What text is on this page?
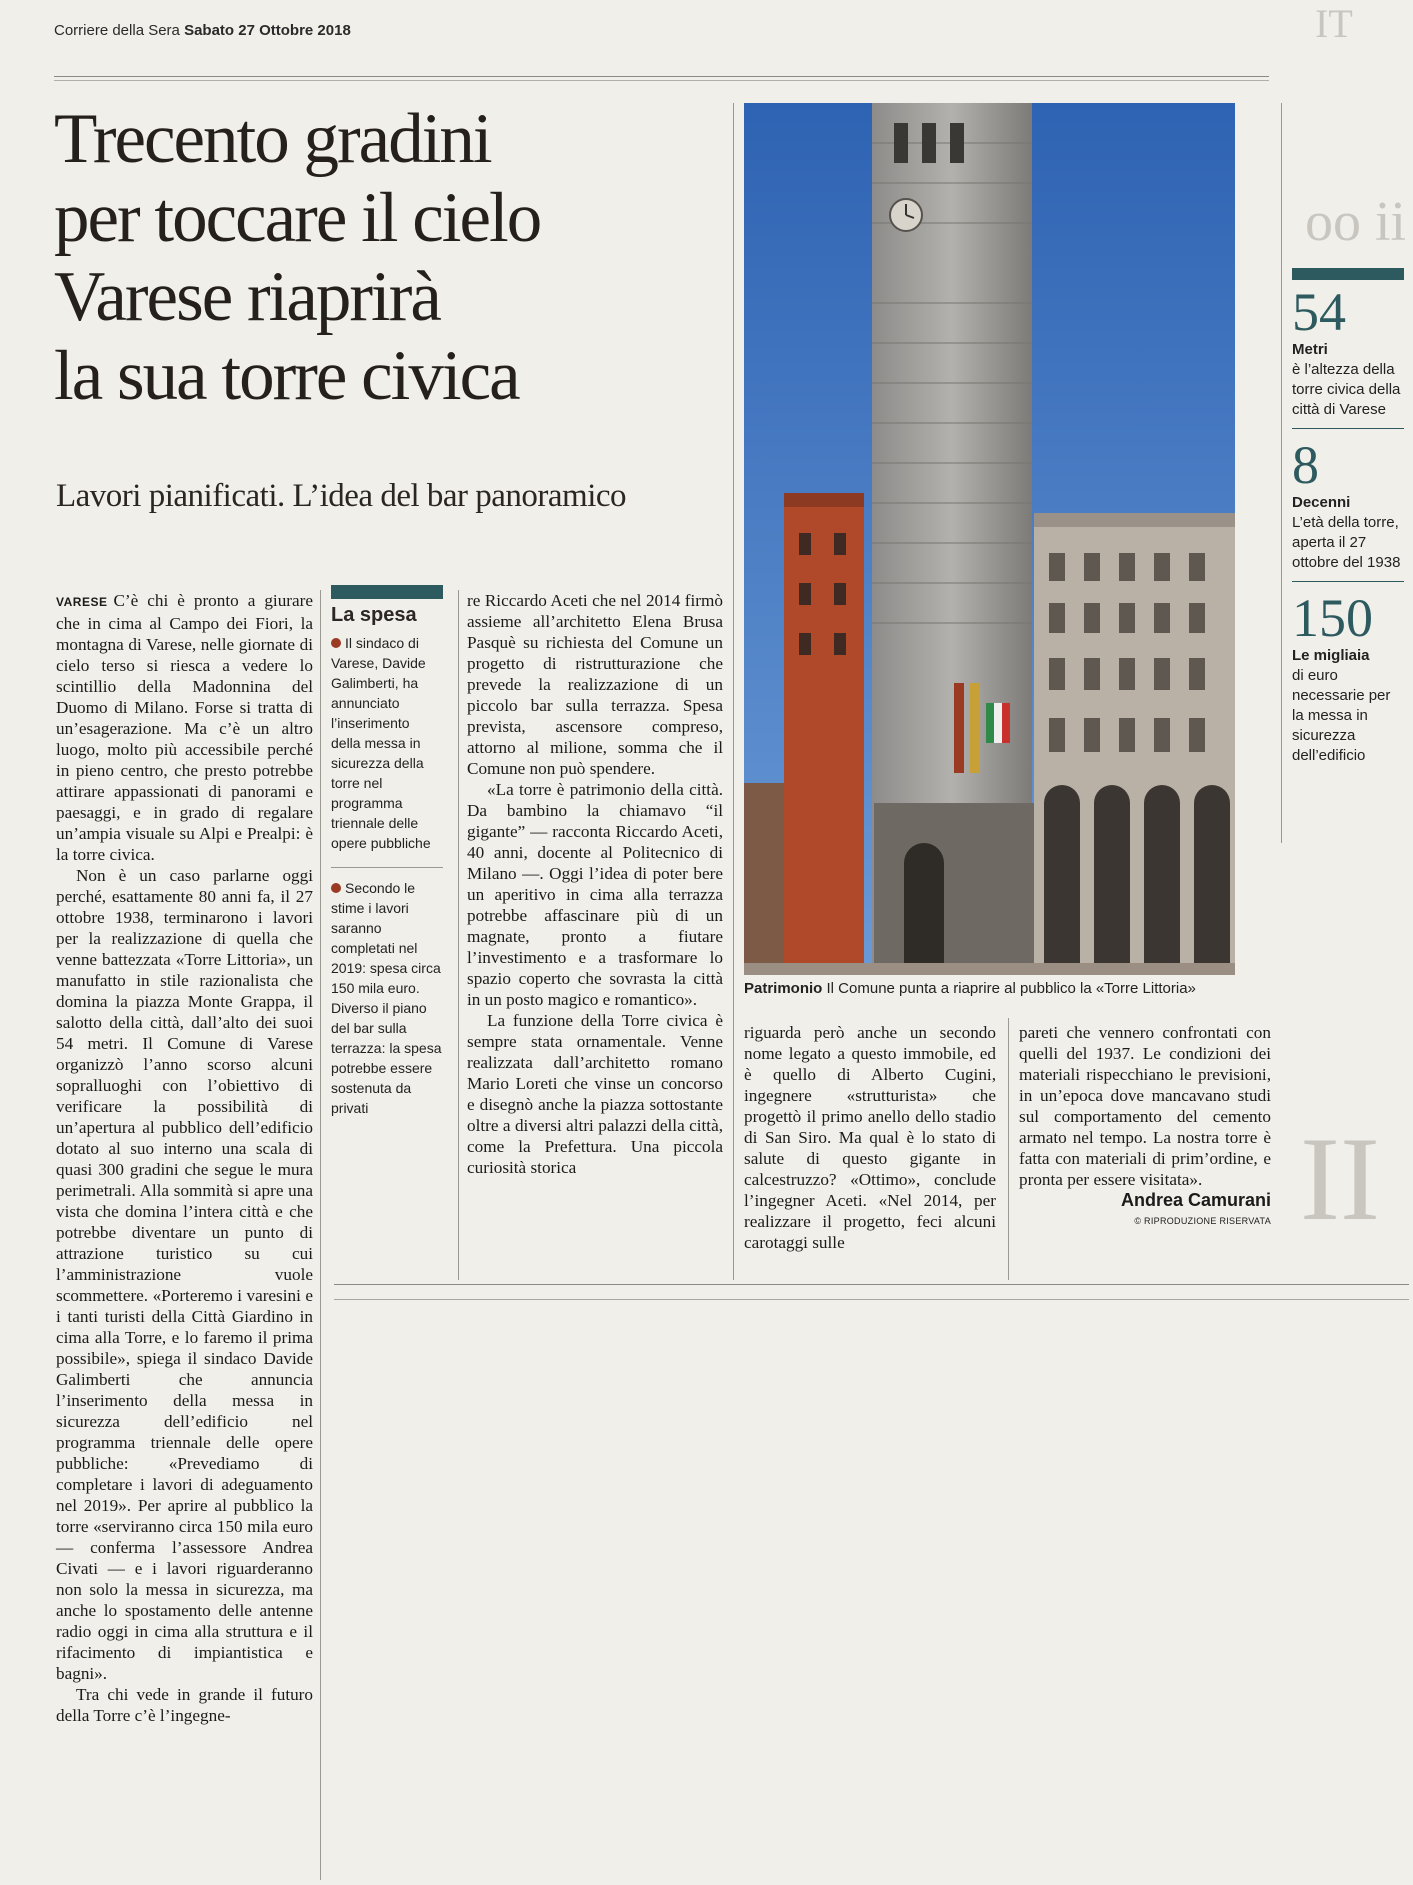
IT
oo ii
II
Corriere della Sera Sabato 27 Ottobre 2018
Trecento gradini
per toccare il cielo
Varese riaprirà
la sua torre civica
Lavori pianificati. L’idea del bar panoramico

VARESE C’è chi è pronto a giurare che in cima al Campo dei Fiori, la montagna di Varese, nelle giornate di cielo terso si riesca a vedere lo scintillio della Madonnina del Duomo di Milano. Forse si tratta di un’esagerazione. Ma c’è un altro luogo, molto più accessibile perché in pieno centro, che presto potrebbe attirare appassionati di panorami e paesaggi, e in grado di regalare un’ampia visuale su Alpi e Prealpi: è la torre civica.

Non è un caso parlarne oggi perché, esattamente 80 anni fa, il 27 ottobre 1938, terminarono i lavori per la realizzazione di quella che venne battezzata «Torre Littoria», un manufatto in stile razionalista che domina la piazza Monte Grappa, il salotto della città, dall’alto dei suoi 54 metri. Il Comune di Varese organizzò l’anno scorso alcuni sopralluoghi con l’obiettivo di verificare la possibilità di un’apertura al pubblico dell’edificio dotato al suo interno una scala di quasi 300 gradini che segue le mura perimetrali. Alla sommità si apre una vista che domina l’intera città e che potrebbe diventare un punto di attrazione turistico su cui l’amministrazione vuole scommettere. «Porteremo i varesini e i tanti turisti della Città Giardino in cima alla Torre, e lo faremo il prima possibile», spiega il sindaco Davide Galimberti che annuncia l’inserimento della messa in sicurezza dell’edificio nel programma triennale delle opere pubbliche: «Prevediamo di completare i lavori di adeguamento nel 2019». Per aprire al pubblico la torre «serviranno circa 150 mila euro — conferma l’assessore Andrea Civati — e i lavori riguarderanno non solo la messa in sicurezza, ma anche lo spostamento delle antenne radio oggi in cima alla struttura e il rifacimento di impiantistica e bagni».

Tra chi vede in grande il futuro della Torre c’è l’ingegne-

La spesa
Il sindaco di Varese, Davide Galimberti, ha annunciato l’inserimento della messa in sicurezza della torre nel programma triennale delle opere pubbliche
Secondo le stime i lavori saranno completati nel 2019: spesa circa 150 mila euro. Diverso il piano del bar sulla terrazza: la spesa potrebbe essere sostenuta da privati

re Riccardo Aceti che nel 2014 firmò assieme all’architetto Elena Brusa Pasquè su richiesta del Comune un progetto di ristrutturazione che prevede la realizzazione di un piccolo bar sulla terrazza. Spesa prevista, ascensore compreso, attorno al milione, somma che il Comune non può spendere.

«La torre è patrimonio della città. Da bambino la chiamavo “il gigante” — racconta Riccardo Aceti, 40 anni, docente al Politecnico di Milano —. Oggi l’idea di poter bere un aperitivo in cima alla terrazza potrebbe affascinare più di un magnate, pronto a fiutare l’investimento e a trasformare lo spazio coperto che sovrasta la città in un posto magico e romantico».

La funzione della Torre civica è sempre stata ornamentale. Venne realizzata dall’architetto romano Mario Loreti che vinse un concorso e disegnò anche la piazza sottostante oltre a diversi altri palazzi della città, come la Prefettura. Una piccola curiosità storica

Patrimonio Il Comune punta a riaprire al pubblico la «Torre Littoria»
54
Metri
è l’altezza della torre civica della città di Varese
8
Decenni
L’età della torre, aperta il 27 ottobre del 1938
150
Le migliaia
di euro necessarie per la messa in sicurezza dell’edificio

riguarda però anche un secondo nome legato a questo immobile, ed è quello di Alberto Cugini, ingegnere «strutturista» che progettò il primo anello dello stadio di San Siro. Ma qual è lo stato di salute di questo gigante in calcestruzzo? «Ottimo», conclude l’ingegner Aceti. «Nel 2014, per realizzare il progetto, feci alcuni carotaggi sulle

pareti che vennero confrontati con quelli del 1937. Le condizioni dei materiali rispecchiano le previsioni, in un’epoca dove mancavano studi sul comportamento del cemento armato nel tempo. La nostra torre è fatta con materiali di prim’ordine, e pronta per essere visitata».

Andrea Camurani
© RIPRODUZIONE RISERVATA
